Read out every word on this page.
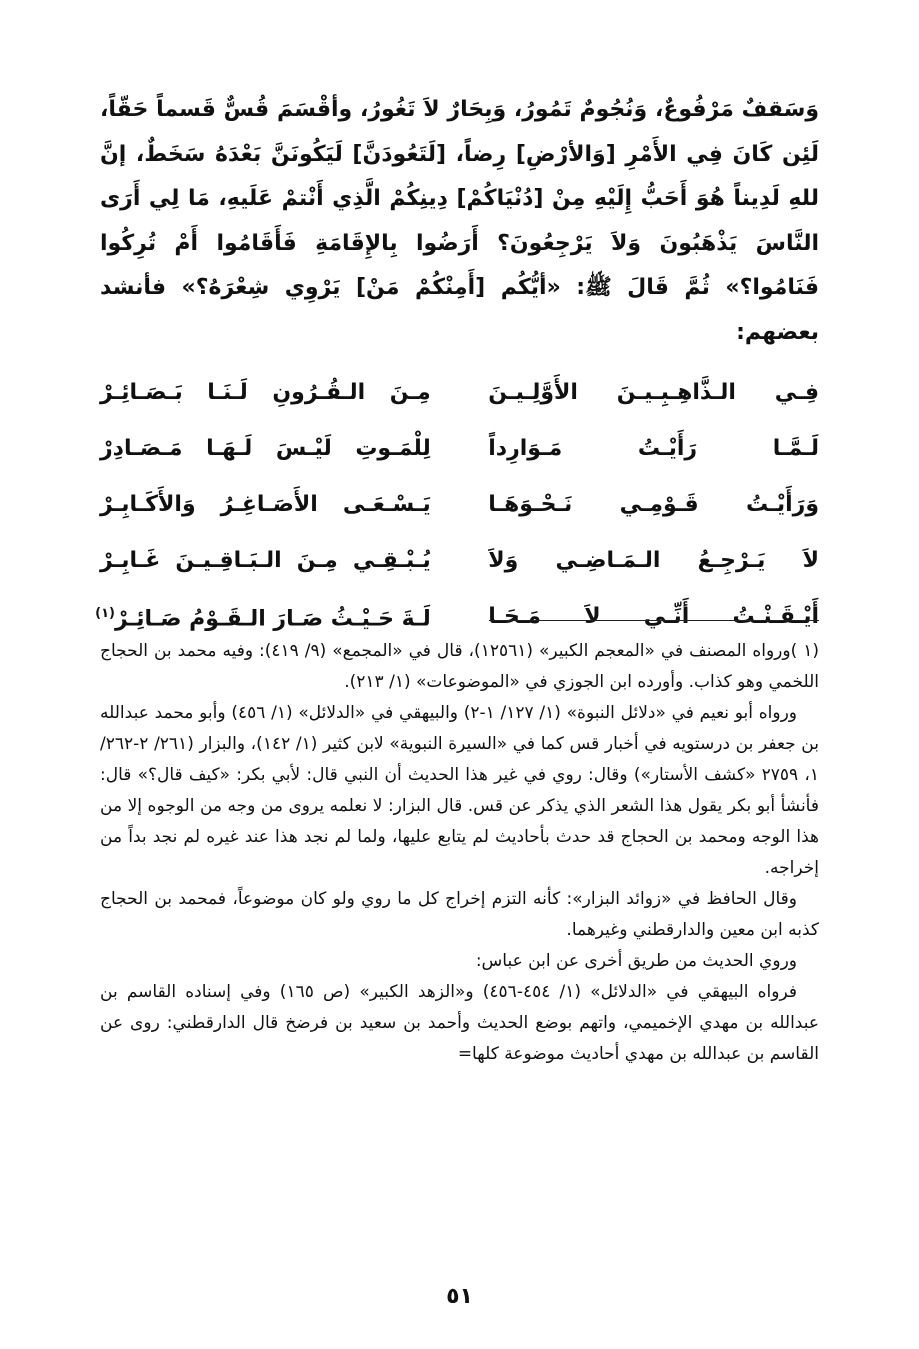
وَسَقفٌ مَرْفُوعٌ، وَنُجُومٌ تَمُورُ، وَبِحَارٌ لاَ تَغُورُ، وأقْسَمَ قُسٌّ قَسماً حَقّاً، لَئِن كَانَ فِي الأَمْرِ [وَالأرْضِ] رِضاً، [لَتَعُودَنَّ] لَيَكُونَنَّ بَعْدَهُ سَخَطٌ، إنَّ للهِ لَدِيناً هُوَ أَحَبُّ إِلَيْهِ مِنْ [دُنْيَاكُمْ] دِينِكُمْ الَّذِي أَنْتمْ عَلَيهِ، مَا لِي أَرَى النَّاسَ يَذْهَبُونَ وَلاَ يَرْجِعُونَ؟ أَرَضُوا بِالإِقَامَةِ فَأَقَامُوا أَمْ تُرِكُوا فَنَامُوا؟» ثُمَّ قَالَ ﷺ: «أيُّكُم [أَمِنْكُمْ مَنْ] يَرْوِي شِعْرَهُ؟» فأنشد بعضهم:

فِـي الـذَّاهِـبِـيـنَ الأَوَّلِـيـنَ
مِـنَ الـقُـرُونِ لَـنَـا بَـصَـائِـرْ
لَـمَّـا رَأَيْـتُ مَـوَارِداً
لِلْمَـوتِ لَيْـسَ لَـهَـا مَـصَـادِرْ
وَرَأَيْـتُ قَـوْمِـي نَـحْـوَهَـا
يَـسْـعَـى الأَصَـاغِـرُ وَالأَكَـابِـرْ
لاَ يَـرْجِـعُ الـمَـاضِـي وَلاَ
يُـبْـقِـي مِـنَ الـبَـاقِـيـنَ غَـابِـرْ
أَيْـقَـنْـتُ أَنِّـي لاَ مَـحَـا
لَـةَ حَـيْـثُ صَـارَ الـقَـوْمُ صَـائِـرْ$^{(١)}$

(١ )ورواه المصنف في «المعجم الكبير» (١٢٥٦١)، قال في «المجمع» (٩/ ٤١٩): وفيه محمد بن الحجاج اللخمي وهو كذاب. وأورده ابن الجوزي في «الموضوعات» (١/ ٢١٣).

ورواه أبو نعيم في «دلائل النبوة» (١/ ١٢٧/ ١-٢) والبيهقي في «الدلائل» (١/ ٤٥٦) وأبو محمد عبدالله بن جعفر بن درستويه في أخبار قس كما في «السيرة النبوية» لابن كثير (١/ ١٤٢)، والبزار (٢٦١/ ٢-٢٦٢/ ١، ٢٧٥٩ «كشف الأستار») وقال: روي في غير هذا الحديث أن النبي قال: لأبي بكر: «كيف قال؟» قال: فأنشأ أبو بكر يقول هذا الشعر الذي يذكر عن قس. قال البزار: لا نعلمه يروى من وجه من الوجوه إلا من هذا الوجه ومحمد بن الحجاج قد حدث بأحاديث لم يتابع عليها، ولما لم نجد هذا عند غيره لم نجد بداً من إخراجه.

وقال الحافظ في «زوائد البزار»: كأنه التزم إخراج كل ما روي ولو كان موضوعاً، فمحمد بن الحجاج كذبه ابن معين والدارقطني وغيرهما.

وروي الحديث من طريق أخرى عن ابن عباس:

فرواه البيهقي في «الدلائل» (١/ ٤٥٤-٤٥٦) و«الزهد الكبير» (ص ١٦٥) وفي إسناده القاسم بن عبدالله بن مهدي الإخميمي، واتهم بوضع الحديث وأحمد بن سعيد بن فرضخ قال الدارقطني: روى عن القاسم بن عبدالله بن مهدي أحاديث موضوعة كلها=

٥١
